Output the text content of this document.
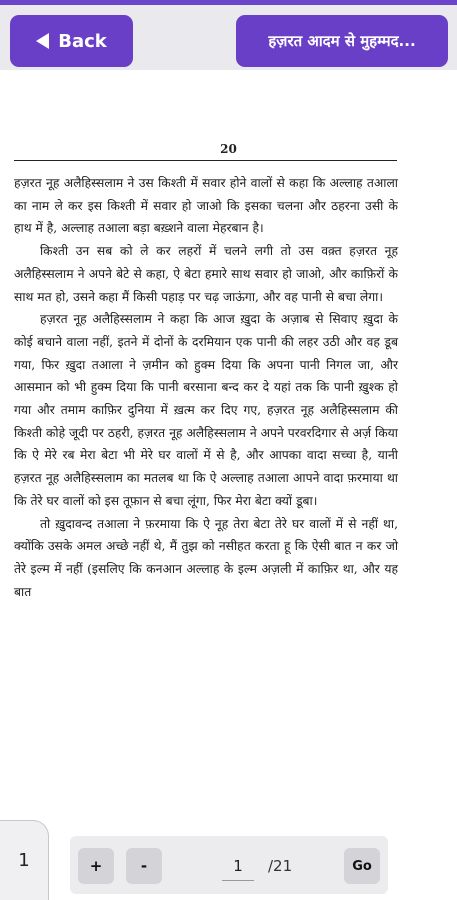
Back	हज़रत आदम से मुहम्मद...
20

हज़रत नूह अलैहिस्सलाम ने उस किश्ती में सवार होने वालों से कहा कि अल्लाह तआला का नाम ले कर इस किश्ती में सवार हो जाओ कि इसका चलना और ठहरना उसी के हाथ में है, अल्लाह तआला बड़ा बख़्शने वाला मेहरबान है।

किश्ती उन सब को ले कर लहरों में चलने लगी तो उस वक़्त हज़रत नूह अलैहिस्सलाम ने अपने बेटे से कहा, ऐ बेटा हमारे साथ सवार हो जाओ, और काफ़िरों के साथ मत हो, उसने कहा मैं किसी पहाड़ पर चढ़ जाऊंगा, और वह पानी से बचा लेगा।

हज़रत नूह अलैहिस्सलाम ने कहा कि आज ख़ुदा के अज़ाब से सिवाए ख़ुदा के कोई बचाने वाला नहीं, इतने में दोनों के दरमियान एक पानी की लहर उठी और वह डूब गया, फिर ख़ुदा तआला ने ज़मीन को हुक्म दिया कि अपना पानी निगल जा, और आसमान को भी हुक्म दिया कि पानी बरसाना बन्द कर दे यहां तक कि पानी ख़ुश्क हो गया और तमाम काफ़िर दुनिया में ख़त्म कर दिए गए, हज़रत नूह अलैहिस्सलाम की किश्ती कोहे जूदी पर ठहरी, हज़रत नूह अलैहिस्सलाम ने अपने परवरदिगार से अर्ज़ किया कि ऐ मेरे रब मेरा बेटा भी मेरे घर वालों में से है, और आपका वादा सच्चा है, यानी हज़रत नूह अलैहिस्सलाम का मतलब था कि ऐ अल्लाह तआला आपने वादा फ़रमाया था कि तेरे घर वालों को इस तूफ़ान से बचा लूंगा, फिर मेरा बेटा क्यों डूबा।

तो ख़ुदावन्द तआला ने फ़रमाया कि ऐ नूह तेरा बेटा तेरे घर वालों में से नहीं था, क्योंकि उसके अमल अच्छे नहीं थे, मैं तुझ को नसीहत करता हू कि ऐसी बात न कर जो तेरे इल्म में नहीं (इसलिए कि कनआन अल्लाह के इल्म अज़ली में काफ़िर था, और यह बात

1	+	-
1	/21	Go
